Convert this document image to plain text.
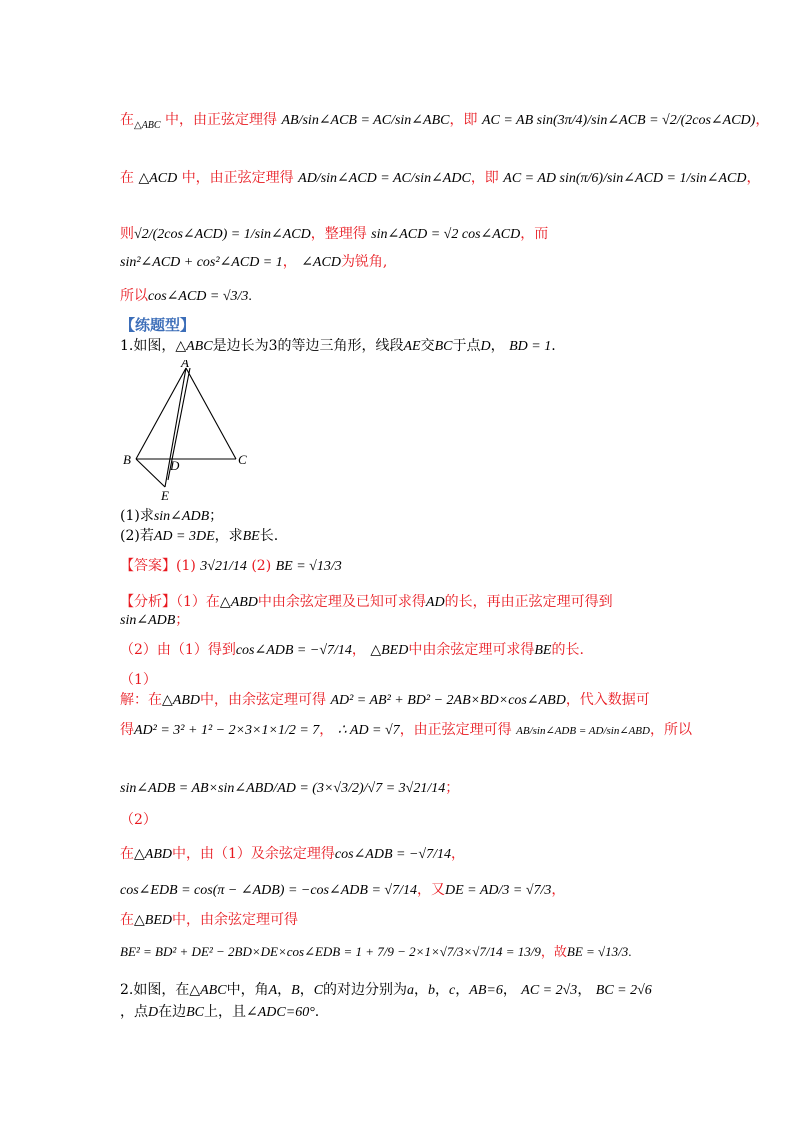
在$_{\triangle ABC}$ 中，由正弦定理得 AB/sin∠ACB = AC/sin∠ABC，即 AC = AB sin(3π/4)/sin∠ACB = √2/(2cos∠ACD)，
在 △ACD 中，由正弦定理得 AD/sin∠ACD = AC/sin∠ADC，即 AC = AD sin(π/6)/sin∠ACD = 1/sin∠ACD，
则√2/(2cos∠ACD) = 1/sin∠ACD，整理得 sin∠ACD = √2 cos∠ACD，而
sin²∠ACD + cos²∠ACD = 1， ∠ACD为锐角,
所以cos∠ACD = √3/3.
【练题型】
1.如图，△ABC是边长为3的等边三角形，线段AE交BC于点D， BD = 1.
A
B	C
D
E
(1)求sin∠ADB；
(2)若AD = 3DE，求BE长.
【答案】(1) 3√21/14 (2) BE = √13/3
【分析】（1）在△ABD中由余弦定理及已知可求得AD的长，再由正弦定理可得到
sin∠ADB；
（2）由（1）得到cos∠ADB = −√7/14， △BED中由余弦定理可求得BE的长.
（1）
解：在△ABD中，由余弦定理可得 AD² = AB² + BD² − 2AB×BD×cos∠ABD，代入数据可
得AD² = 3² + 1² − 2×3×1×1/2 = 7， ∴ AD = √7，由正弦定理可得 AB/sin∠ADB = AD/sin∠ABD，所以
sin∠ADB = AB×sin∠ABD/AD = (3×√3/2)/√7 = 3√21/14；
（2）
在△ABD中，由（1）及余弦定理得cos∠ADB = −√7/14，
cos∠EDB = cos(π − ∠ADB) = −cos∠ADB = √7/14，又DE = AD/3 = √7/3，
在△BED中，由余弦定理可得
BE² = BD² + DE² − 2BD×DE×cos∠EDB = 1 + 7/9 − 2×1×√7/3×√7/14 = 13/9，故BE = √13/3.
2.如图，在△ABC中，角A，B，C的对边分别为a，b，c，AB=6， AC = 2√3， BC = 2√6
，点D在边BC上，且∠ADC=60°.
